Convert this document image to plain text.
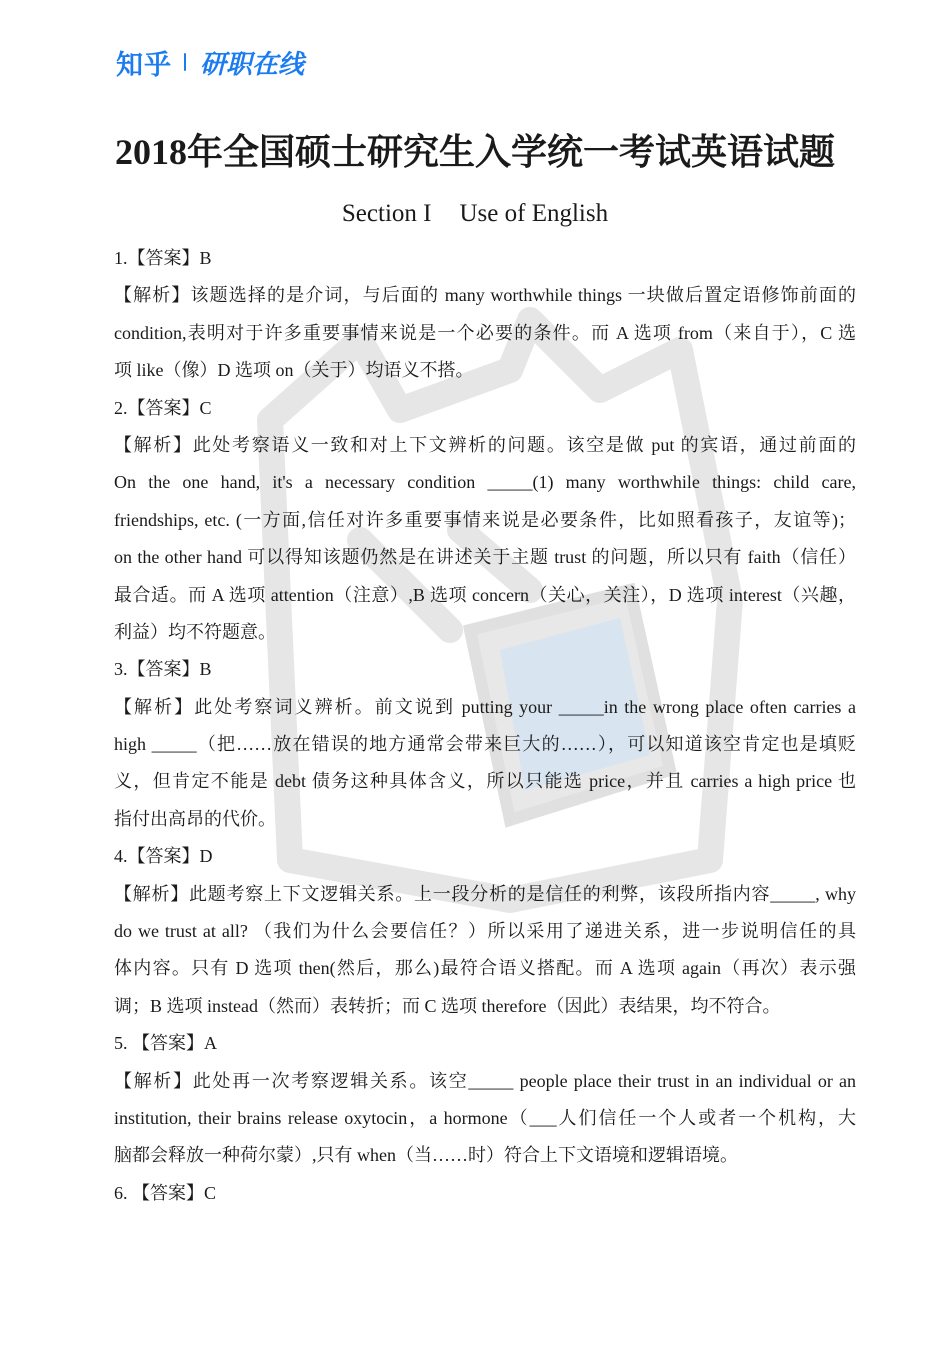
知乎 研职在线
2018年全国硕士研究生入学统一考试英语试题
Section I Use of English
1.【答案】B
【解析】该题选择的是介词，与后面的 many worthwhile things 一块做后置定语修饰前面的
condition,表明对于许多重要事情来说是一个必要的条件。而 A 选项 from（来自于），C 选
项 like（像）D 选项 on（关于）均语义不搭。
2.【答案】C
【解析】此处考察语义一致和对上下文辨析的问题。该空是做 put 的宾语，通过前面的
On the one hand, it's a necessary condition _____(1) many worthwhile things: child care,
friendships, etc. (一方面,信任对许多重要事情来说是必要条件，比如照看孩子，友谊等)；
on the other hand 可以得知该题仍然是在讲述关于主题 trust 的问题，所以只有 faith（信任）
最合适。而 A 选项 attention（注意）,B 选项 concern（关心，关注），D 选项 interest（兴趣，
利益）均不符题意。
3.【答案】B
【解析】此处考察词义辨析。前文说到 putting your _____in the wrong place often carries a
high _____（把……放在错误的地方通常会带来巨大的……），可以知道该空肯定也是填贬
义，但肯定不能是 debt 债务这种具体含义，所以只能选 price，并且 carries a high price 也
指付出高昂的代价。
4.【答案】D
【解析】此题考察上下文逻辑关系。上一段分析的是信任的利弊，该段所指内容_____, why
do we trust at all? （我们为什么会要信任？）所以采用了递进关系，进一步说明信任的具
体内容。只有 D 选项 then(然后，那么)最符合语义搭配。而 A 选项 again（再次）表示强
调；B 选项 instead（然而）表转折；而 C 选项 therefore（因此）表结果，均不符合。
5. 【答案】A
【解析】此处再一次考察逻辑关系。该空_____ people place their trust in an individual or an
institution, their brains release oxytocin，a hormone（___人们信任一个人或者一个机构，大
脑都会释放一种荷尔蒙）,只有 when（当……时）符合上下文语境和逻辑语境。
6. 【答案】C
